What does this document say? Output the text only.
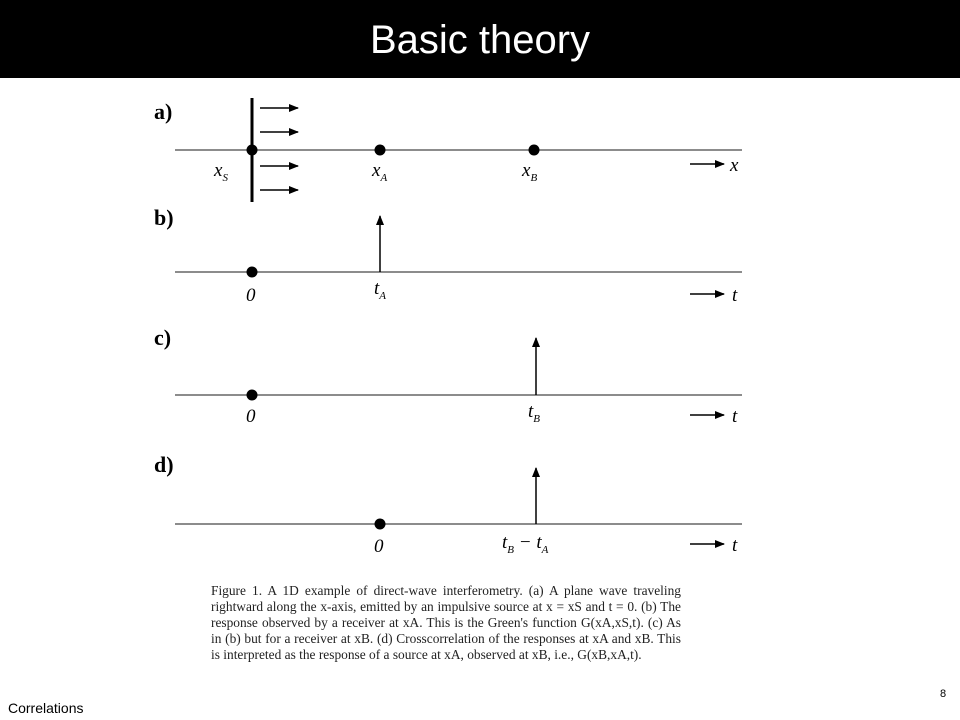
Basic theory
a)
$x_S$	$x_A$	$x_B$
x
b)
0	$t_A$	t
c)
0	$t_B$	t
d)
0	$t_B - t_A$	t

Figure 1. A 1D example of direct-wave interferometry. (a) A plane wave traveling rightward along the x-axis, emitted by an impulsive source at x = xS and t = 0. (b) The response observed by a receiver at xA. This is the Green's function G(xA,xS,t). (c) As in (b) but for a receiver at xB. (d) Crosscorrelation of the responses at xA and xB. This is interpreted as the response of a source at xA, observed at xB, i.e., G(xB,xA,t).

Correlations
8
